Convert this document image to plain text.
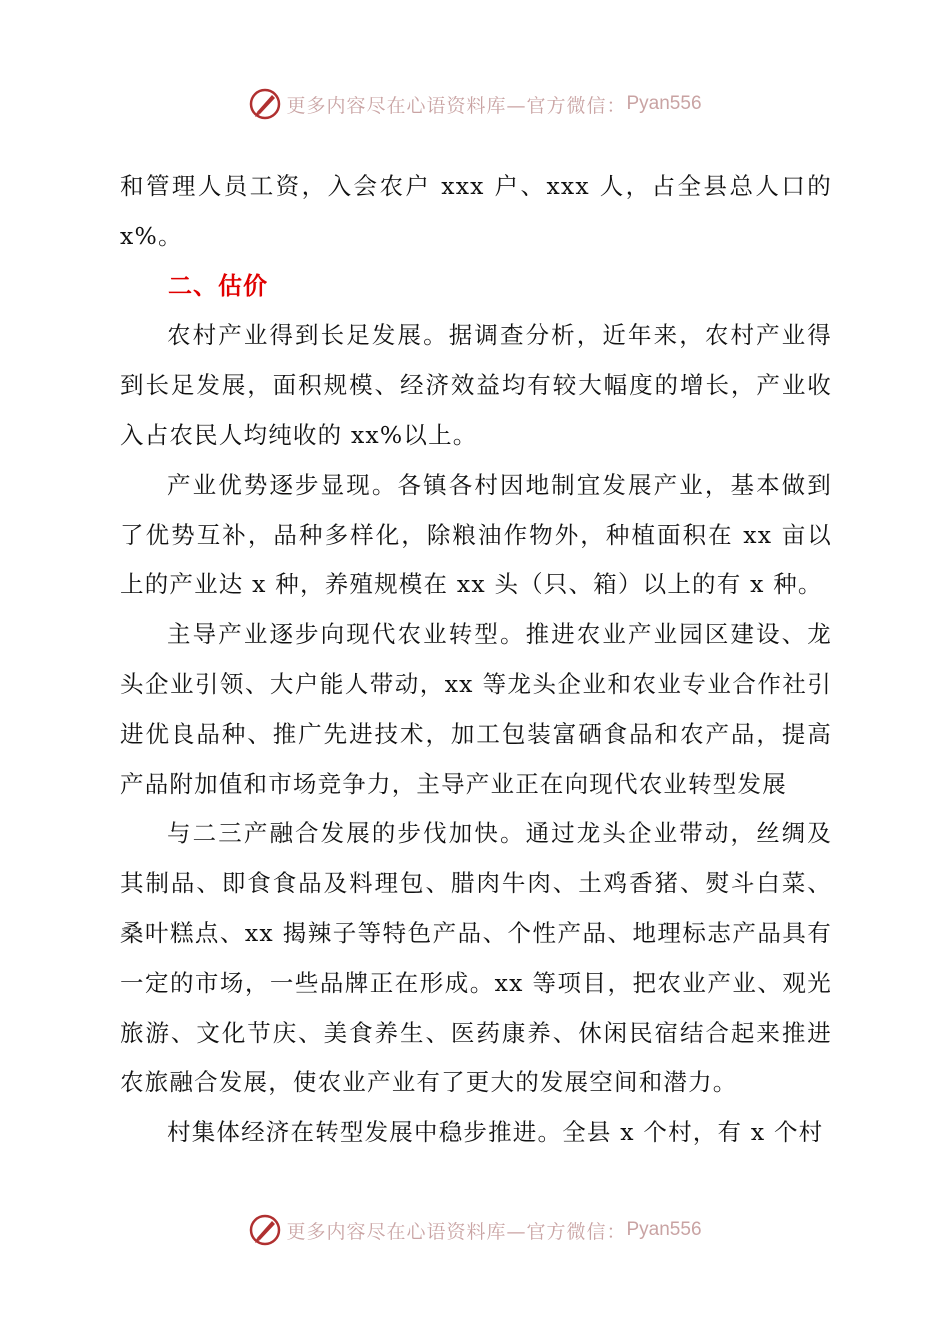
更多内容尽在心语资料库—官方微信： Pyan556

和管理人员工资，入会农户 xxx 户、xxx 人，占全县总人口的 x%。

二、估价

农村产业得到长足发展。据调查分析，近年来，农村产业得到长足发展，面积规模、经济效益均有较大幅度的增长，产业收入占农民人均纯收的 xx%以上。

产业优势逐步显现。各镇各村因地制宜发展产业，基本做到了优势互补，品种多样化，除粮油作物外，种植面积在 xx 亩以上的产业达 x 种，养殖规模在 xx 头（只、箱）以上的有 x 种。

主导产业逐步向现代农业转型。推进农业产业园区建设、龙头企业引领、大户能人带动，xx 等龙头企业和农业专业合作社引进优良品种、推广先进技术，加工包装富硒食品和农产品，提高产品附加值和市场竞争力，主导产业正在向现代农业转型发展

与二三产融合发展的步伐加快。通过龙头企业带动，丝绸及其制品、即食食品及料理包、腊肉牛肉、土鸡香猪、熨斗白菜、桑叶糕点、xx 揭辣子等特色产品、个性产品、地理标志产品具有一定的市场，一些品牌正在形成。xx 等项目，把农业产业、观光旅游、文化节庆、美食养生、医药康养、休闲民宿结合起来推进农旅融合发展，使农业产业有了更大的发展空间和潜力。

村集体经济在转型发展中稳步推进。全县 x 个村，有 x 个村

更多内容尽在心语资料库—官方微信： Pyan556
